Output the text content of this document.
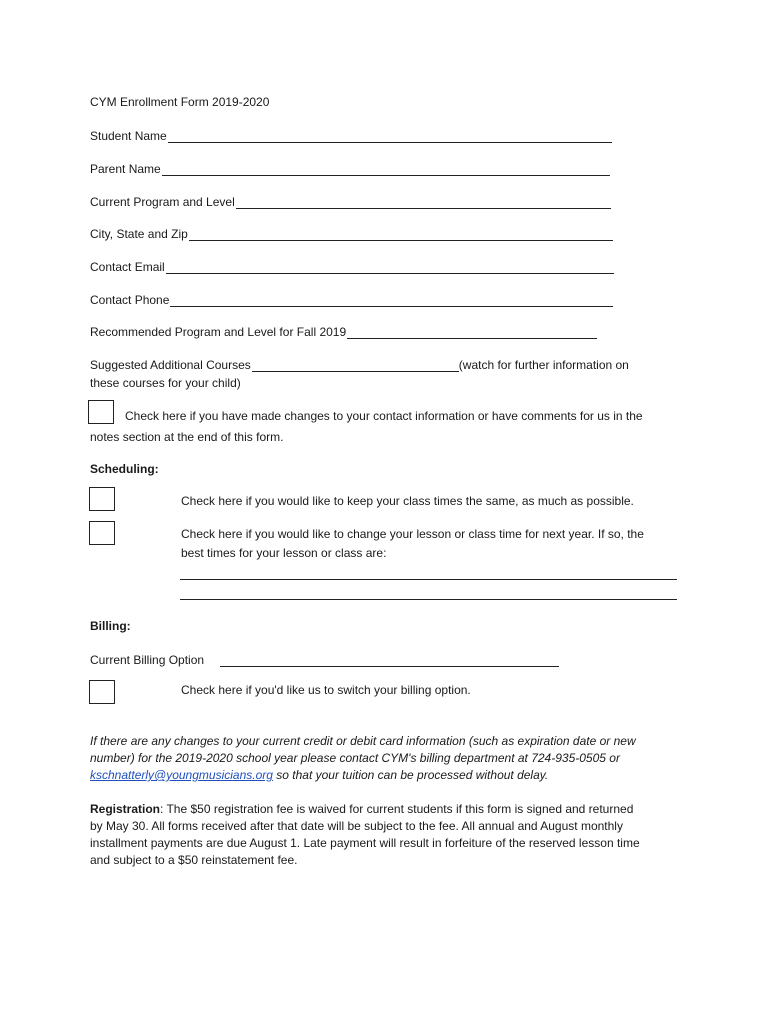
CYM Enrollment Form 2019-2020
Student Name
Parent Name
Current Program and Level
City, State and Zip
Contact Email
Contact Phone
Recommended Program and Level for Fall 2019
Suggested Additional Courses	(watch for further information on
these courses for your child)
Check here if you have made changes to your contact information or have comments for us in the
notes section at the end of this form.
Scheduling:
Check here if you would like to keep your class times the same, as much as possible.
Check here if you would like to change your lesson or class time for next year. If so, the
best times for your lesson or class are:
Billing:
Current Billing Option
Check here if you'd like us to switch your billing option.
If there are any changes to your current credit or debit card information (such as expiration date or new
number) for the 2019-2020 school year please contact CYM's billing department at 724-935-0505 or
kschnatterly@youngmusicians.org so that your tuition can be processed without delay.
Registration: The $50 registration fee is waived for current students if this form is signed and returned
by May 30. All forms received after that date will be subject to the fee. All annual and August monthly
installment payments are due August 1. Late payment will result in forfeiture of the reserved lesson time
and subject to a $50 reinstatement fee.
